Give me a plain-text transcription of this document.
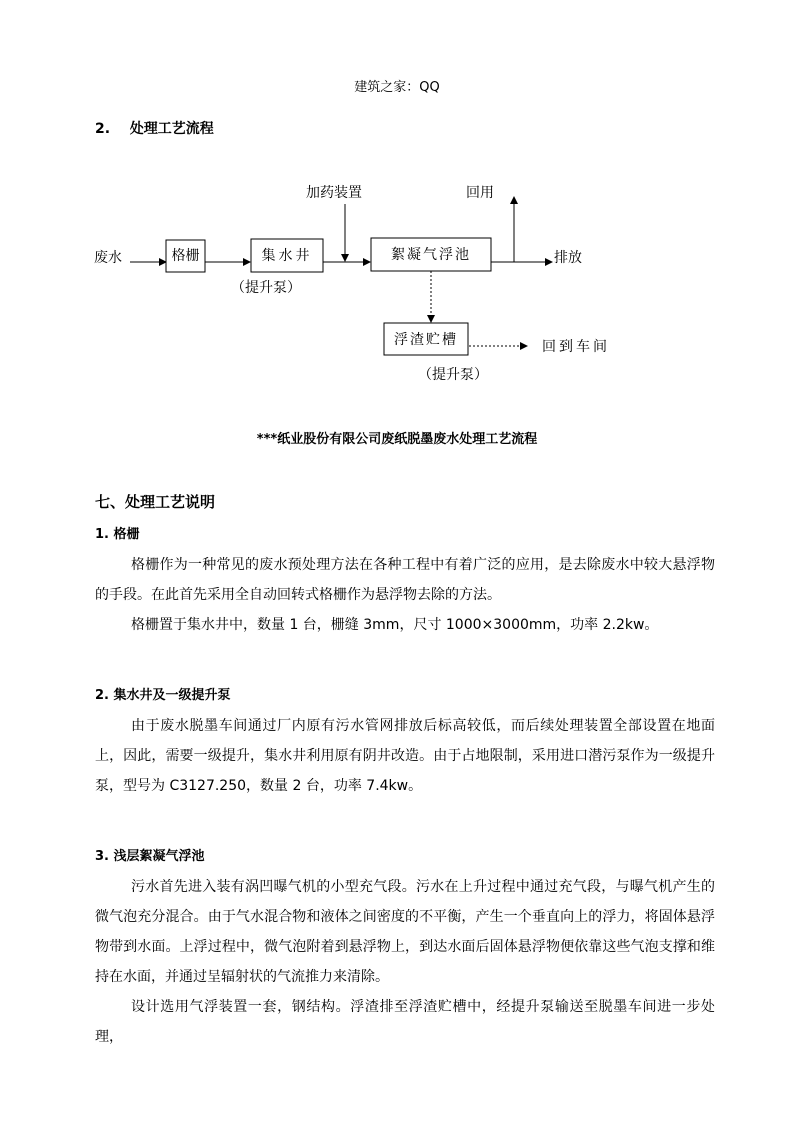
建筑之家：QQ
2. 处理工艺流程
废水	格栅	集水井
（提升泵）
加药装置
絮凝气浮池
回用
排放
浮渣贮槽	回到车间
（提升泵）
***纸业股份有限公司废纸脱墨废水处理工艺流程
七、处理工艺说明
1. 格栅

格栅作为一种常见的废水预处理方法在各种工程中有着广泛的应用，是去除废水中较大悬浮物的手段。在此首先采用全自动回转式格栅作为悬浮物去除的方法。

格栅置于集水井中，数量 1 台，栅缝 3mm，尺寸 1000×3000mm，功率 2.2kw。

2. 集水井及一级提升泵

由于废水脱墨车间通过厂内原有污水管网排放后标高较低，而后续处理装置全部设置在地面上，因此，需要一级提升，集水井利用原有阴井改造。由于占地限制，采用进口潜污泵作为一级提升泵，型号为 C3127.250，数量 2 台，功率 7.4kw。

3. 浅层絮凝气浮池

污水首先进入装有涡凹曝气机的小型充气段。污水在上升过程中通过充气段，与曝气机产生的微气泡充分混合。由于气水混合物和液体之间密度的不平衡，产生一个垂直向上的浮力，将固体悬浮物带到水面。上浮过程中，微气泡附着到悬浮物上，到达水面后固体悬浮物便依靠这些气泡支撑和维持在水面，并通过呈辐射状的气流推力来清除。

设计选用气浮装置一套，钢结构。浮渣排至浮渣贮槽中，经提升泵输送至脱墨车间进一步处理，
